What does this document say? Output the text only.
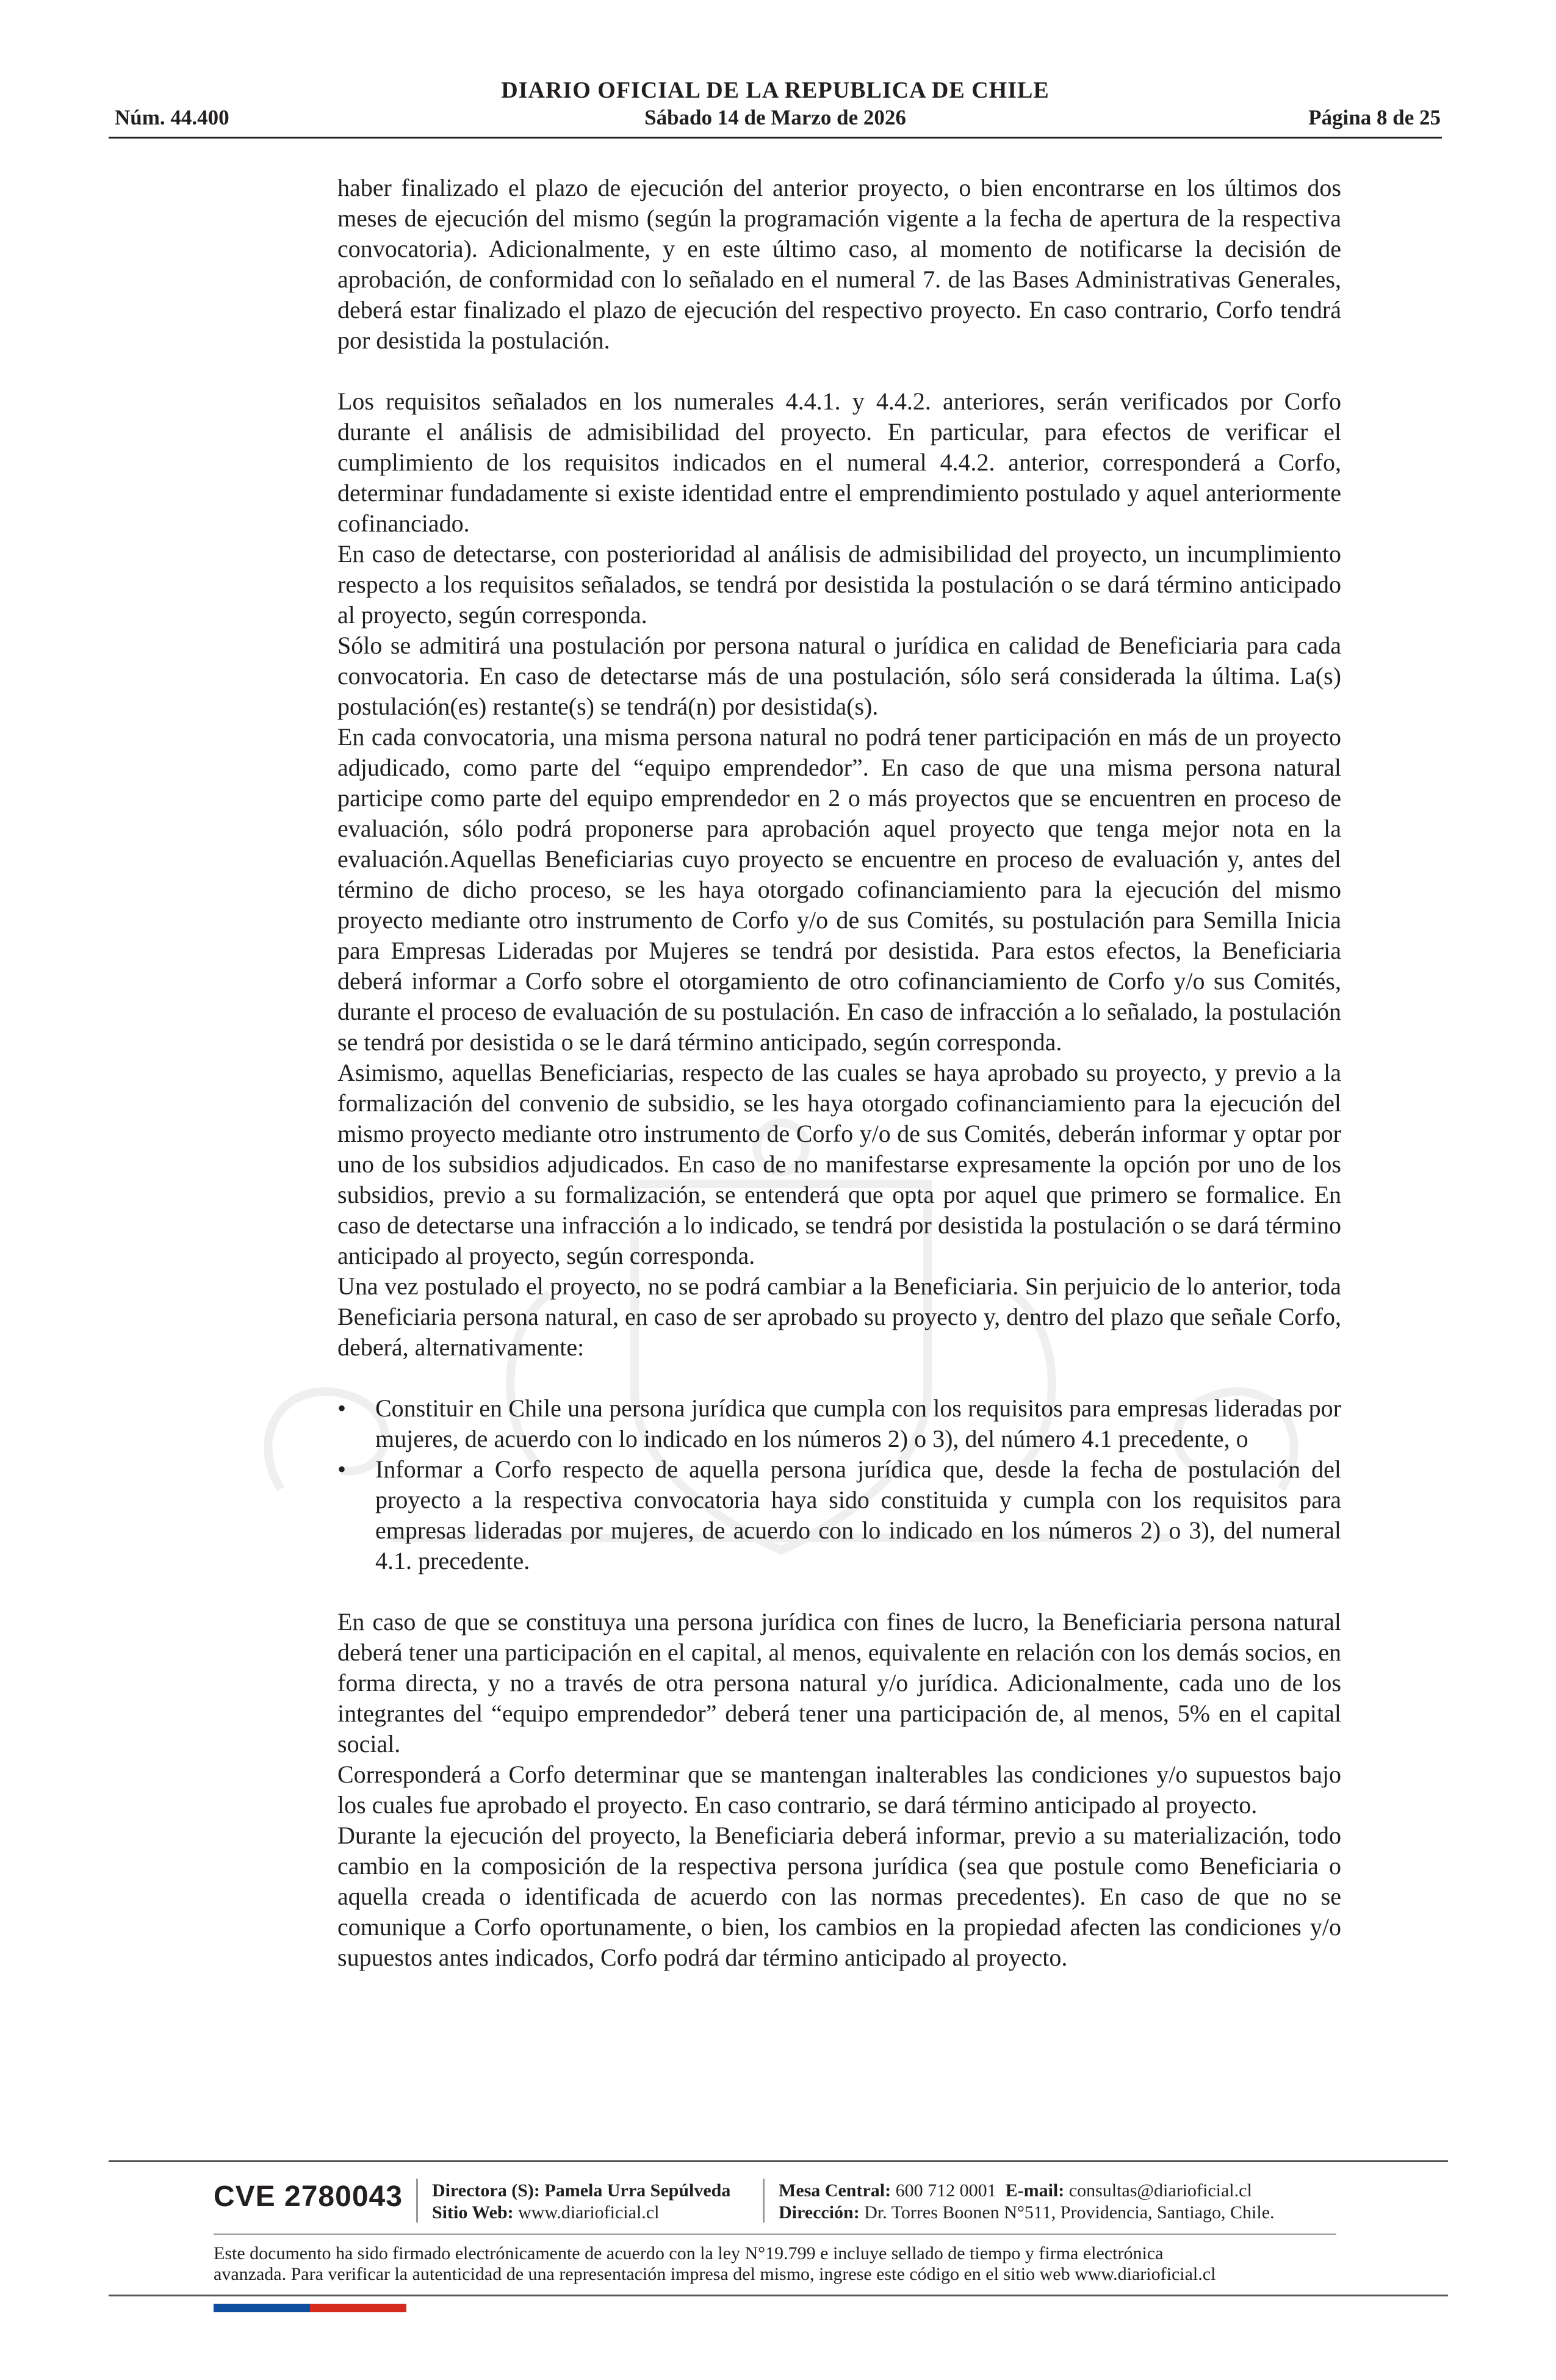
DIARIO OFICIAL DE LA REPUBLICA DE CHILE
Núm. 44.400	Sábado 14 de Marzo de 2026	Página 8 de 25

haber finalizado el plazo de ejecución del anterior proyecto, o bien encontrarse en los últimos dos meses de ejecución del mismo (según la programación vigente a la fecha de apertura de la respectiva convocatoria). Adicionalmente, y en este último caso, al momento de notificarse la decisión de aprobación, de conformidad con lo señalado en el numeral 7. de las Bases Administrativas Generales, deberá estar finalizado el plazo de ejecución del respectivo proyecto. En caso contrario, Corfo tendrá por desistida la postulación.

Los requisitos señalados en los numerales 4.4.1. y 4.4.2. anteriores, serán verificados por Corfo durante el análisis de admisibilidad del proyecto. En particular, para efectos de verificar el cumplimiento de los requisitos indicados en el numeral 4.4.2. anterior, corresponderá a Corfo, determinar fundadamente si existe identidad entre el emprendimiento postulado y aquel anteriormente cofinanciado.

En caso de detectarse, con posterioridad al análisis de admisibilidad del proyecto, un incumplimiento respecto a los requisitos señalados, se tendrá por desistida la postulación o se dará término anticipado al proyecto, según corresponda.

Sólo se admitirá una postulación por persona natural o jurídica en calidad de Beneficiaria para cada convocatoria. En caso de detectarse más de una postulación, sólo será considerada la última. La(s) postulación(es) restante(s) se tendrá(n) por desistida(s).

En cada convocatoria, una misma persona natural no podrá tener participación en más de un proyecto adjudicado, como parte del “equipo emprendedor”. En caso de que una misma persona natural participe como parte del equipo emprendedor en 2 o más proyectos que se encuentren en proceso de evaluación, sólo podrá proponerse para aprobación aquel proyecto que tenga mejor nota en la evaluación.Aquellas Beneficiarias cuyo proyecto se encuentre en proceso de evaluación y, antes del término de dicho proceso, se les haya otorgado cofinanciamiento para la ejecución del mismo proyecto mediante otro instrumento de Corfo y/o de sus Comités, su postulación para Semilla Inicia para Empresas Lideradas por Mujeres se tendrá por desistida. Para estos efectos, la Beneficiaria deberá informar a Corfo sobre el otorgamiento de otro cofinanciamiento de Corfo y/o sus Comités, durante el proceso de evaluación de su postulación. En caso de infracción a lo señalado, la postulación se tendrá por desistida o se le dará término anticipado, según corresponda.

Asimismo, aquellas Beneficiarias, respecto de las cuales se haya aprobado su proyecto, y previo a la formalización del convenio de subsidio, se les haya otorgado cofinanciamiento para la ejecución del mismo proyecto mediante otro instrumento de Corfo y/o de sus Comités, deberán informar y optar por uno de los subsidios adjudicados. En caso de no manifestarse expresamente la opción por uno de los subsidios, previo a su formalización, se entenderá que opta por aquel que primero se formalice. En caso de detectarse una infracción a lo indicado, se tendrá por desistida la postulación o se dará término anticipado al proyecto, según corresponda.

Una vez postulado el proyecto, no se podrá cambiar a la Beneficiaria. Sin perjuicio de lo anterior, toda Beneficiaria persona natural, en caso de ser aprobado su proyecto y, dentro del plazo que señale Corfo, deberá, alternativamente:

• Constituir en Chile una persona jurídica que cumpla con los requisitos para empresas lideradas por mujeres, de acuerdo con lo indicado en los números 2) o 3), del número 4.1 precedente, o
• Informar a Corfo respecto de aquella persona jurídica que, desde la fecha de postulación del proyecto a la respectiva convocatoria haya sido constituida y cumpla con los requisitos para empresas lideradas por mujeres, de acuerdo con lo indicado en los números 2) o 3), del numeral 4.1. precedente.

En caso de que se constituya una persona jurídica con fines de lucro, la Beneficiaria persona natural deberá tener una participación en el capital, al menos, equivalente en relación con los demás socios, en forma directa, y no a través de otra persona natural y/o jurídica. Adicionalmente, cada uno de los integrantes del “equipo emprendedor” deberá tener una participación de, al menos, 5% en el capital social.

Corresponderá a Corfo determinar que se mantengan inalterables las condiciones y/o supuestos bajo los cuales fue aprobado el proyecto. En caso contrario, se dará término anticipado al proyecto.

Durante la ejecución del proyecto, la Beneficiaria deberá informar, previo a su materialización, todo cambio en la composición de la respectiva persona jurídica (sea que postule como Beneficiaria o aquella creada o identificada de acuerdo con las normas precedentes). En caso de que no se comunique a Corfo oportunamente, o bien, los cambios en la propiedad afecten las condiciones y/o supuestos antes indicados, Corfo podrá dar término anticipado al proyecto.

CVE 2780043 Directora (S): Pamela Urra Sepúlveda
Sitio Web: www.diarioficial.cl
Mesa Central: 600 712 0001 E-mail: consultas@diarioficial.cl
Dirección: Dr. Torres Boonen N°511, Providencia, Santiago, Chile.
Este documento ha sido firmado electrónicamente de acuerdo con la ley N°19.799 e incluye sellado de tiempo y firma electrónica
avanzada. Para verificar la autenticidad de una representación impresa del mismo, ingrese este código en el sitio web www.diarioficial.cl
